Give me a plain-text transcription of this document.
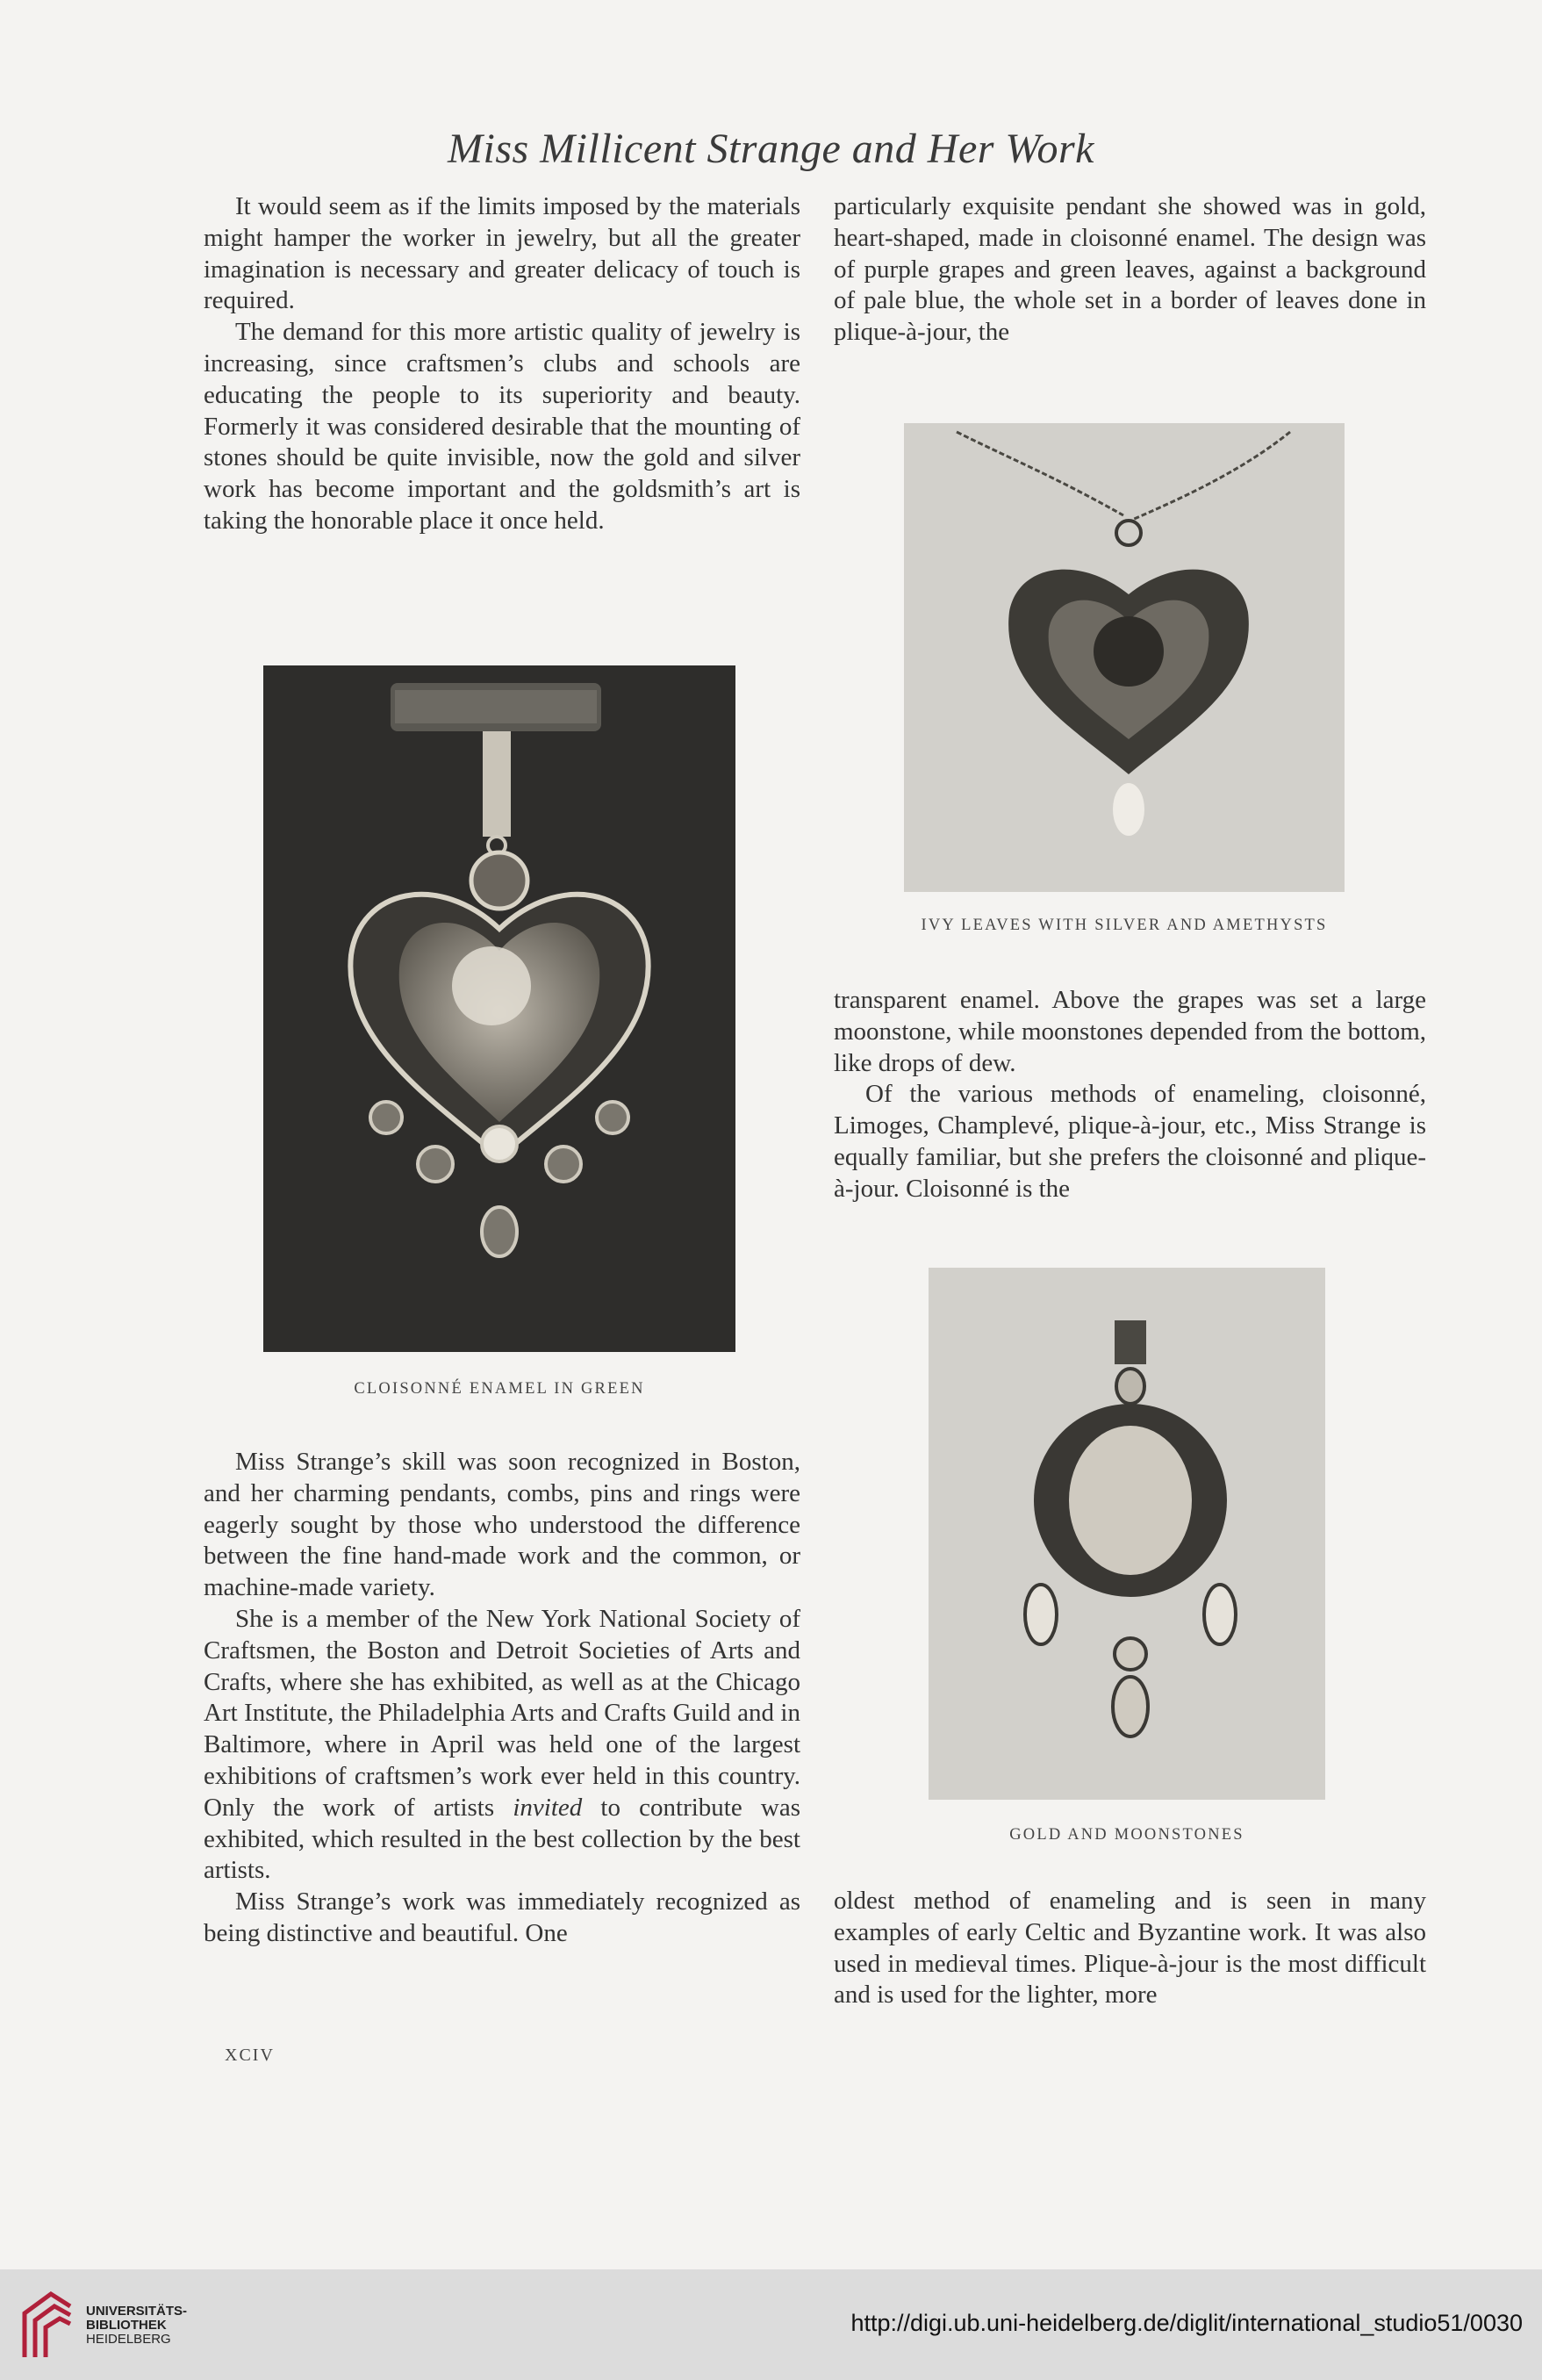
Miss Millicent Strange and Her Work

It would seem as if the limits imposed by the materials might hamper the worker in jewelry, but all the greater imagination is necessary and greater delicacy of touch is required.

The demand for this more artistic quality of jewelry is increasing, since craftsmen’s clubs and schools are educating the people to its superiority and beauty. Formerly it was considered desirable that the mounting of stones should be quite invisible, now the gold and silver work has become important and the goldsmith’s art is taking the honorable place it once held.

CLOISONNÉ ENAMEL IN GREEN

Miss Strange’s skill was soon recognized in Boston, and her charming pendants, combs, pins and rings were eagerly sought by those who understood the difference between the fine hand-made work and the common, or machine-made variety.

She is a member of the New York National Society of Craftsmen, the Boston and Detroit Societies of Arts and Crafts, where she has exhibited, as well as at the Chicago Art Institute, the Philadelphia Arts and Crafts Guild and in Baltimore, where in April was held one of the largest exhibitions of craftsmen’s work ever held in this country. Only the work of artists invited to contribute was exhibited, which resulted in the best collection by the best artists.

Miss Strange’s work was immediately recognized as being distinctive and beautiful. One

particularly exquisite pendant she showed was in gold, heart-shaped, made in cloisonné enamel. The design was of purple grapes and green leaves, against a background of pale blue, the whole set in a border of leaves done in plique-à-jour, the

IVY LEAVES WITH SILVER AND AMETHYSTS

transparent enamel. Above the grapes was set a large moonstone, while moonstones depended from the bottom, like drops of dew.

Of the various methods of enameling, cloisonné, Limoges, Champlevé, plique-à-jour, etc., Miss Strange is equally familiar, but she prefers the cloisonné and plique-à-jour. Cloisonné is the

GOLD AND MOONSTONES

oldest method of enameling and is seen in many examples of early Celtic and Byzantine work. It was also used in medieval times. Plique-à-jour is the most difficult and is used for the lighter, more

XCIV
UNIVERSITÄTS-
BIBLIOTHEK
HEIDELBERG
http://digi.ub.uni-heidelberg.de/diglit/international_studio51/0030
